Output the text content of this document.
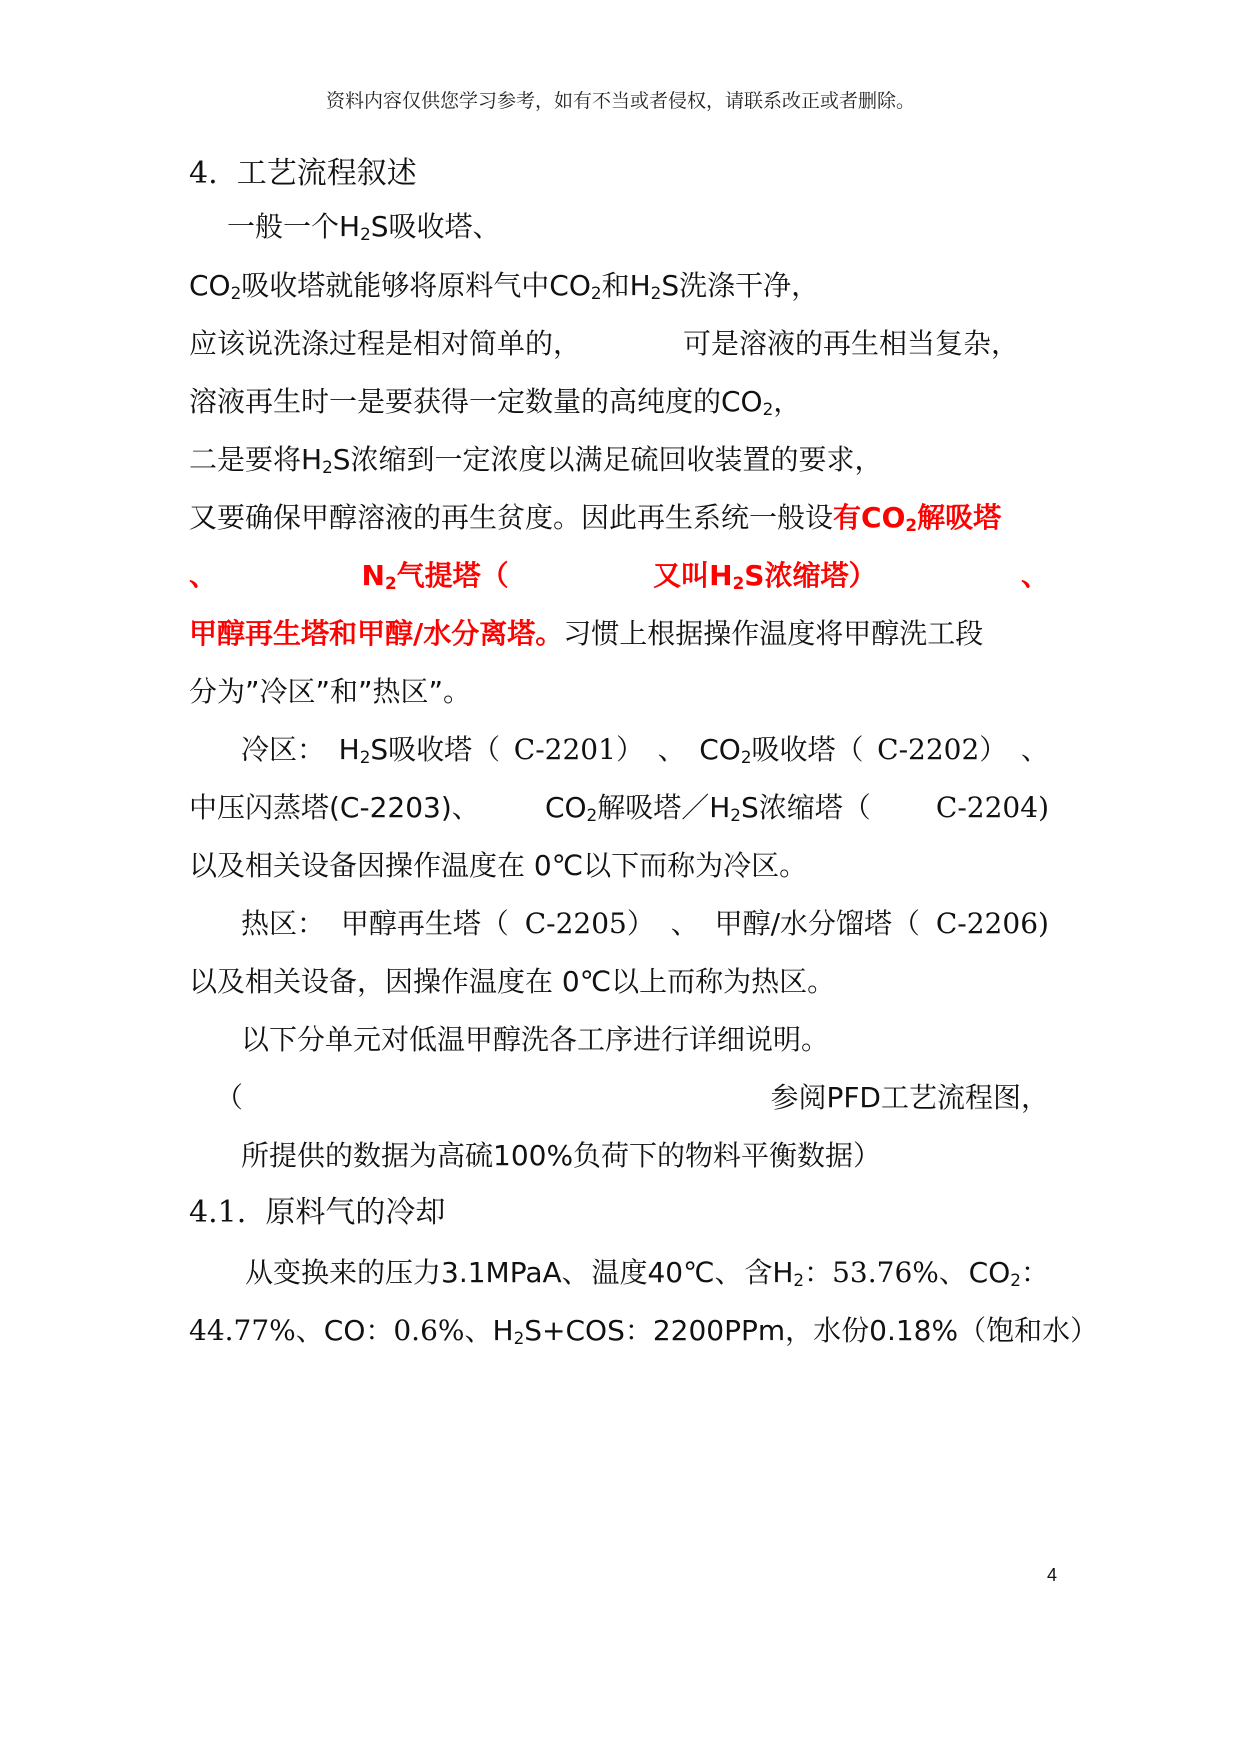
资料内容仅供您学习参考，如有不当或者侵权，请联系改正或者删除。
4. 工艺流程叙述
一般一个$H_2S$吸收塔、
$CO_2$吸收塔就能够将原料气中$CO_2$和$H_2S$洗涤干净，
应该说洗涤过程是相对简单的，	可是溶液的再生相当复杂，
溶液再生时一是要获得一定数量的高纯度的$CO_2$，
二是要将$H_2S$浓缩到一定浓度以满足硫回收装置的要求，
又要确保甲醇溶液的再生贫度。因此再生系统一般设有$CO_2$解吸塔
、	$N_2$气提塔（	又叫$H_2S$浓缩塔）	、
甲醇再生塔和甲醇/水分离塔。习惯上根据操作温度将甲醇洗工段
分为”冷区”和”热区”。
冷区： $H_2S$吸收塔（ C-2201） 、 $CO_2$吸收塔（ C-2202） 、
中压闪蒸塔(C-2203)、 $CO_2$解吸塔$/H_2S$浓缩塔（ C-2204)
以及相关设备因操作温度在 0℃以下而称为冷区。
热区： 甲醇再生塔（ C-2205） 、 甲醇/水分馏塔（ C-2206)
以及相关设备，因操作温度在 0℃以上而称为热区。
以下分单元对低温甲醇洗各工序进行详细说明。
（	参阅PFD工艺流程图，
所提供的数据为高硫100%负荷下的物料平衡数据）
4.1. 原料气的冷却
从变换来的压力3.1MPaA、 温度40℃、 含$H_2$：53.76%、 $CO_2$：
44.77%、 CO： 0.6%、 $H_2S+COS$：2200PPm， 水份0.18%（饱和水）
4
